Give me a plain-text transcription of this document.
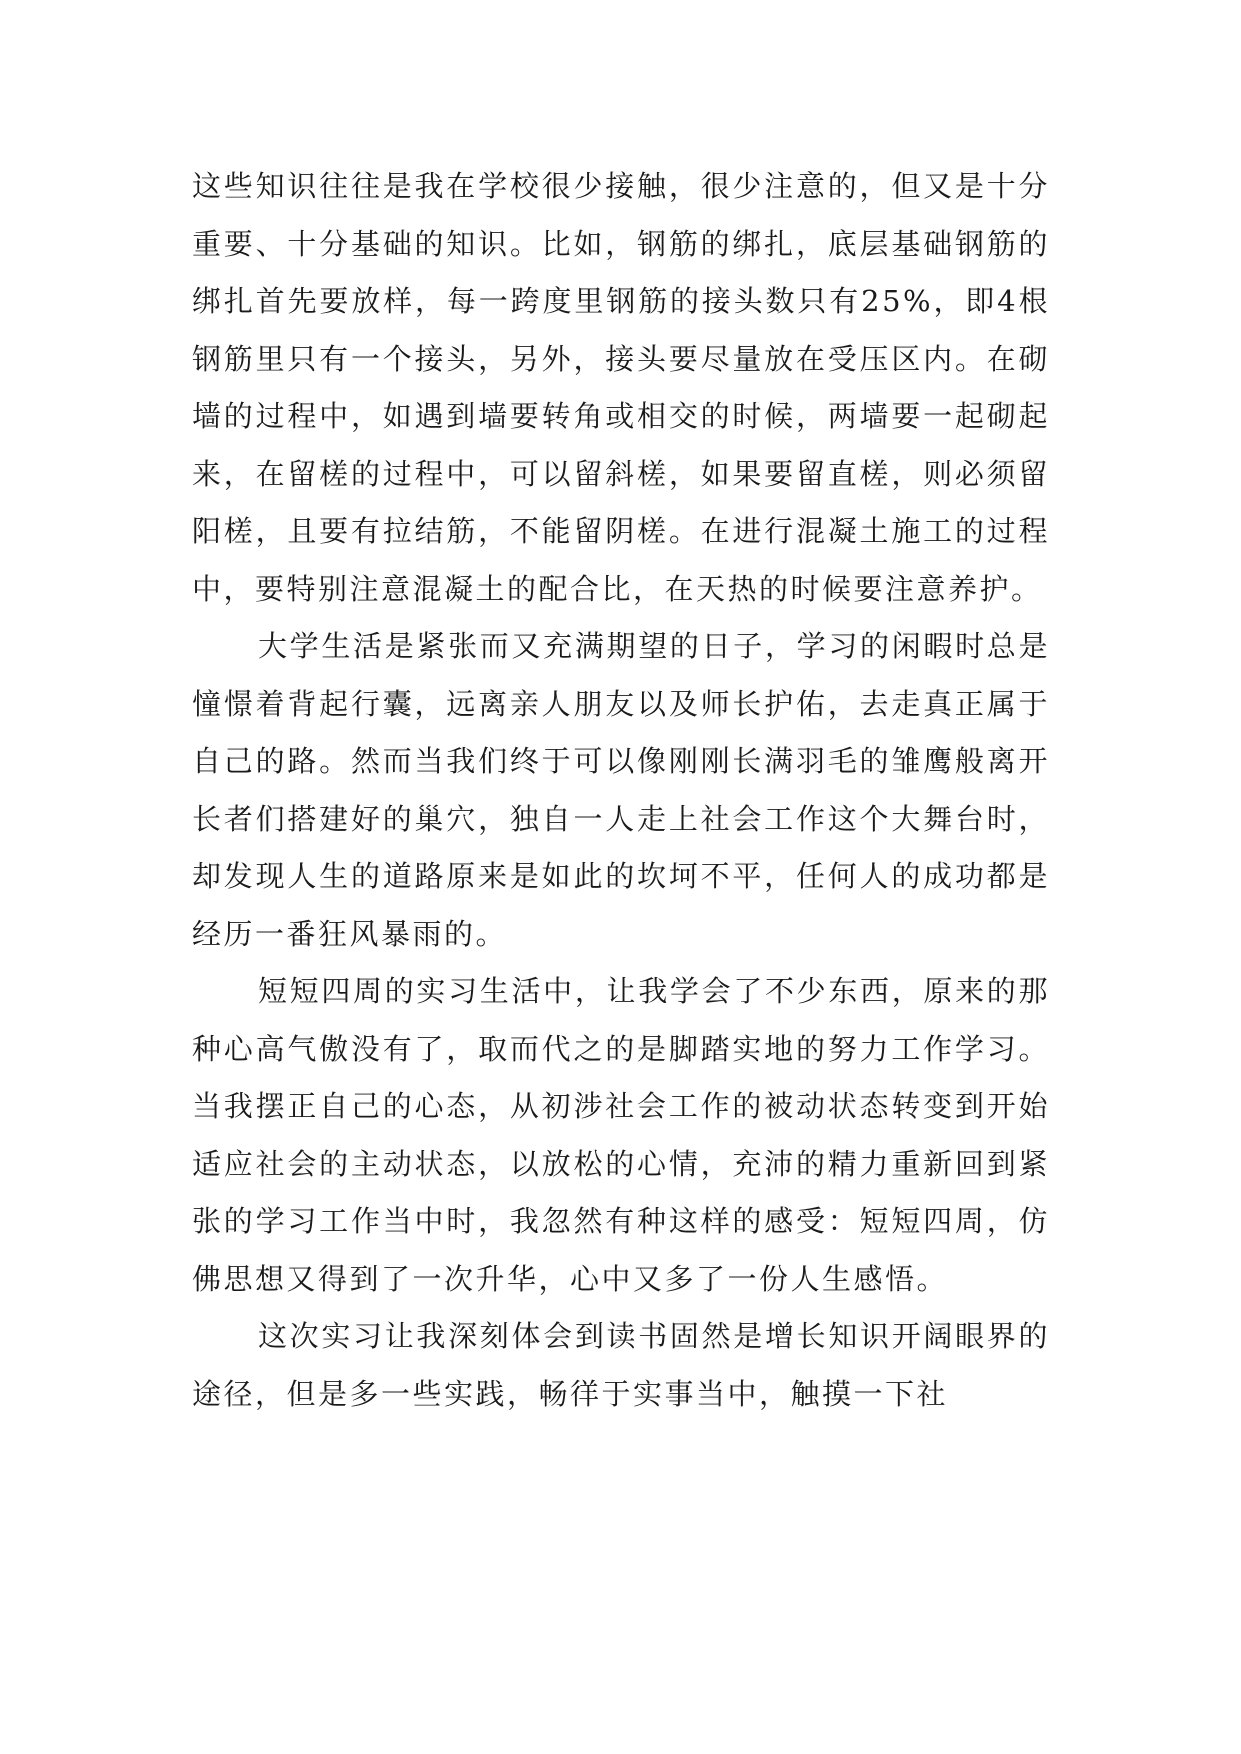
这些知识往往是我在学校很少接触，很少注意的，但又是十分重要、十分基础的知识。比如，钢筋的绑扎，底层基础钢筋的绑扎首先要放样，每一跨度里钢筋的接头数只有25%，即4根钢筋里只有一个接头，另外，接头要尽量放在受压区内。在砌墙的过程中，如遇到墙要转角或相交的时候，两墙要一起砌起来，在留槎的过程中，可以留斜槎，如果要留直槎，则必须留阳槎，且要有拉结筋，不能留阴槎。在进行混凝土施工的过程中，要特别注意混凝土的配合比，在天热的时候要注意养护。

大学生活是紧张而又充满期望的日子，学习的闲暇时总是憧憬着背起行囊，远离亲人朋友以及师长护佑，去走真正属于自己的路。然而当我们终于可以像刚刚长满羽毛的雏鹰般离开长者们搭建好的巢穴，独自一人走上社会工作这个大舞台时，却发现人生的道路原来是如此的坎坷不平，任何人的成功都是经历一番狂风暴雨的。

短短四周的实习生活中，让我学会了不少东西，原来的那种心高气傲没有了，取而代之的是脚踏实地的努力工作学习。当我摆正自己的心态，从初涉社会工作的被动状态转变到开始适应社会的主动状态，以放松的心情，充沛的精力重新回到紧张的学习工作当中时，我忽然有种这样的感受：短短四周，仿佛思想又得到了一次升华，心中又多了一份人生感悟。

这次实习让我深刻体会到读书固然是增长知识开阔眼界的途径，但是多一些实践，畅徉于实事当中，触摸一下社
